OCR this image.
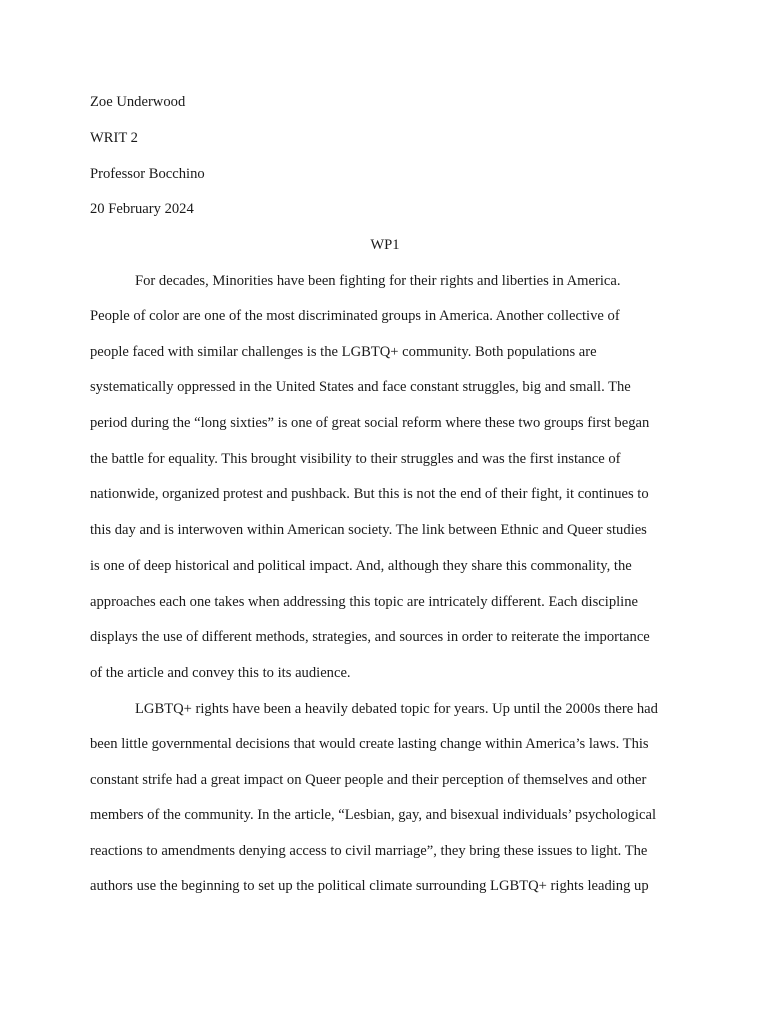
Zoe Underwood
WRIT 2
Professor Bocchino
20 February 2024
WP1
For decades, Minorities have been fighting for their rights and liberties in America.
People of color are one of the most discriminated groups in America. Another collective of
people faced with similar challenges is the LGBTQ+ community. Both populations are
systematically oppressed in the United States and face constant struggles, big and small. The
period during the “long sixties” is one of great social reform where these two groups first began
the battle for equality. This brought visibility to their struggles and was the first instance of
nationwide, organized protest and pushback. But this is not the end of their fight, it continues to
this day and is interwoven within American society. The link between Ethnic and Queer studies
is one of deep historical and political impact. And, although they share this commonality, the
approaches each one takes when addressing this topic are intricately different. Each discipline
displays the use of different methods, strategies, and sources in order to reiterate the importance
of the article and convey this to its audience.
LGBTQ+ rights have been a heavily debated topic for years. Up until the 2000s there had
been little governmental decisions that would create lasting change within America’s laws. This
constant strife had a great impact on Queer people and their perception of themselves and other
members of the community. In the article, “Lesbian, gay, and bisexual individuals’ psychological
reactions to amendments denying access to civil marriage”, they bring these issues to light. The
authors use the beginning to set up the political climate surrounding LGBTQ+ rights leading up
